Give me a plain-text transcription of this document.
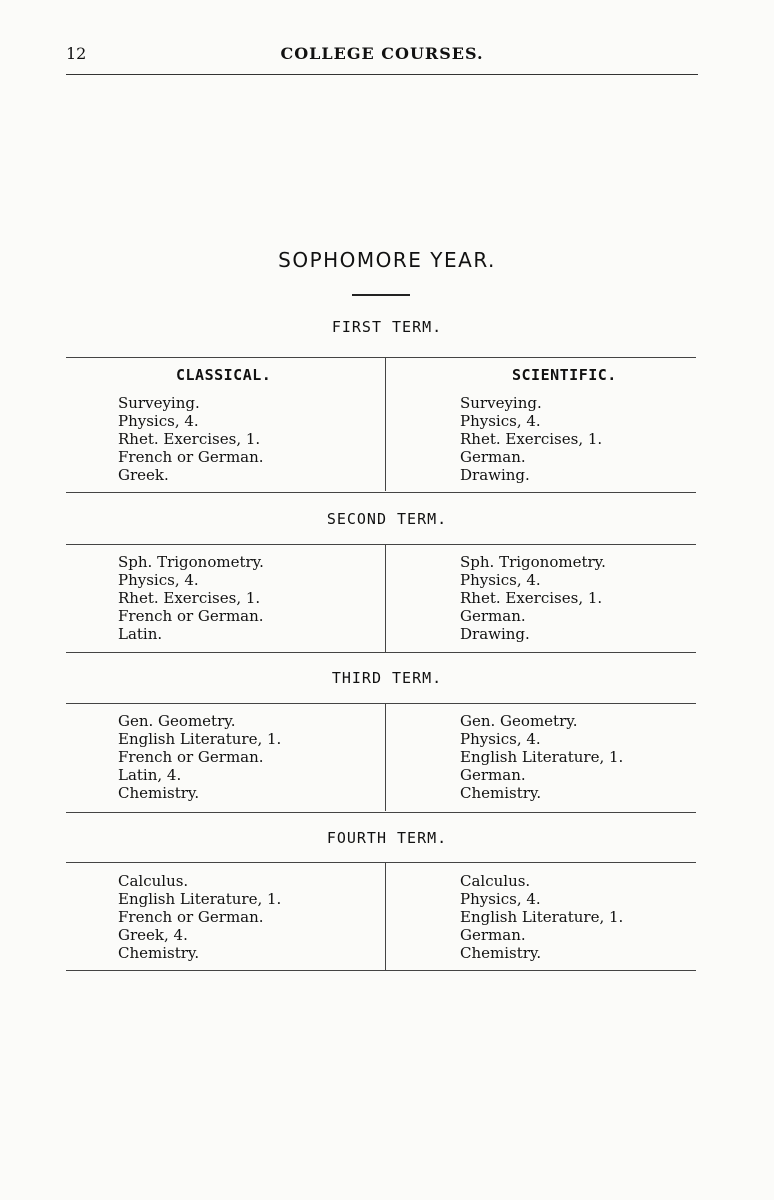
12	COLLEGE COURSES.
SOPHOMORE YEAR.
FIRST TERM.
CLASSICAL.	SCIENTIFIC.
Surveying.
Physics, 4.
Rhet. Exercises, 1.
French or German.
Greek.
Surveying.
Physics, 4.
Rhet. Exercises, 1.
German.
Drawing.
SECOND TERM.
Sph. Trigonometry.
Physics, 4.
Rhet. Exercises, 1.
French or German.
Latin.
Sph. Trigonometry.
Physics, 4.
Rhet. Exercises, 1.
German.
Drawing.
THIRD TERM.
Gen. Geometry.
English Literature, 1.
French or German.
Latin, 4.
Chemistry.
Gen. Geometry.
Physics, 4.
English Literature, 1.
German.
Chemistry.
FOURTH TERM.
Calculus.
English Literature, 1.
French or German.
Greek, 4.
Chemistry.
Calculus.
Physics, 4.
English Literature, 1.
German.
Chemistry.
